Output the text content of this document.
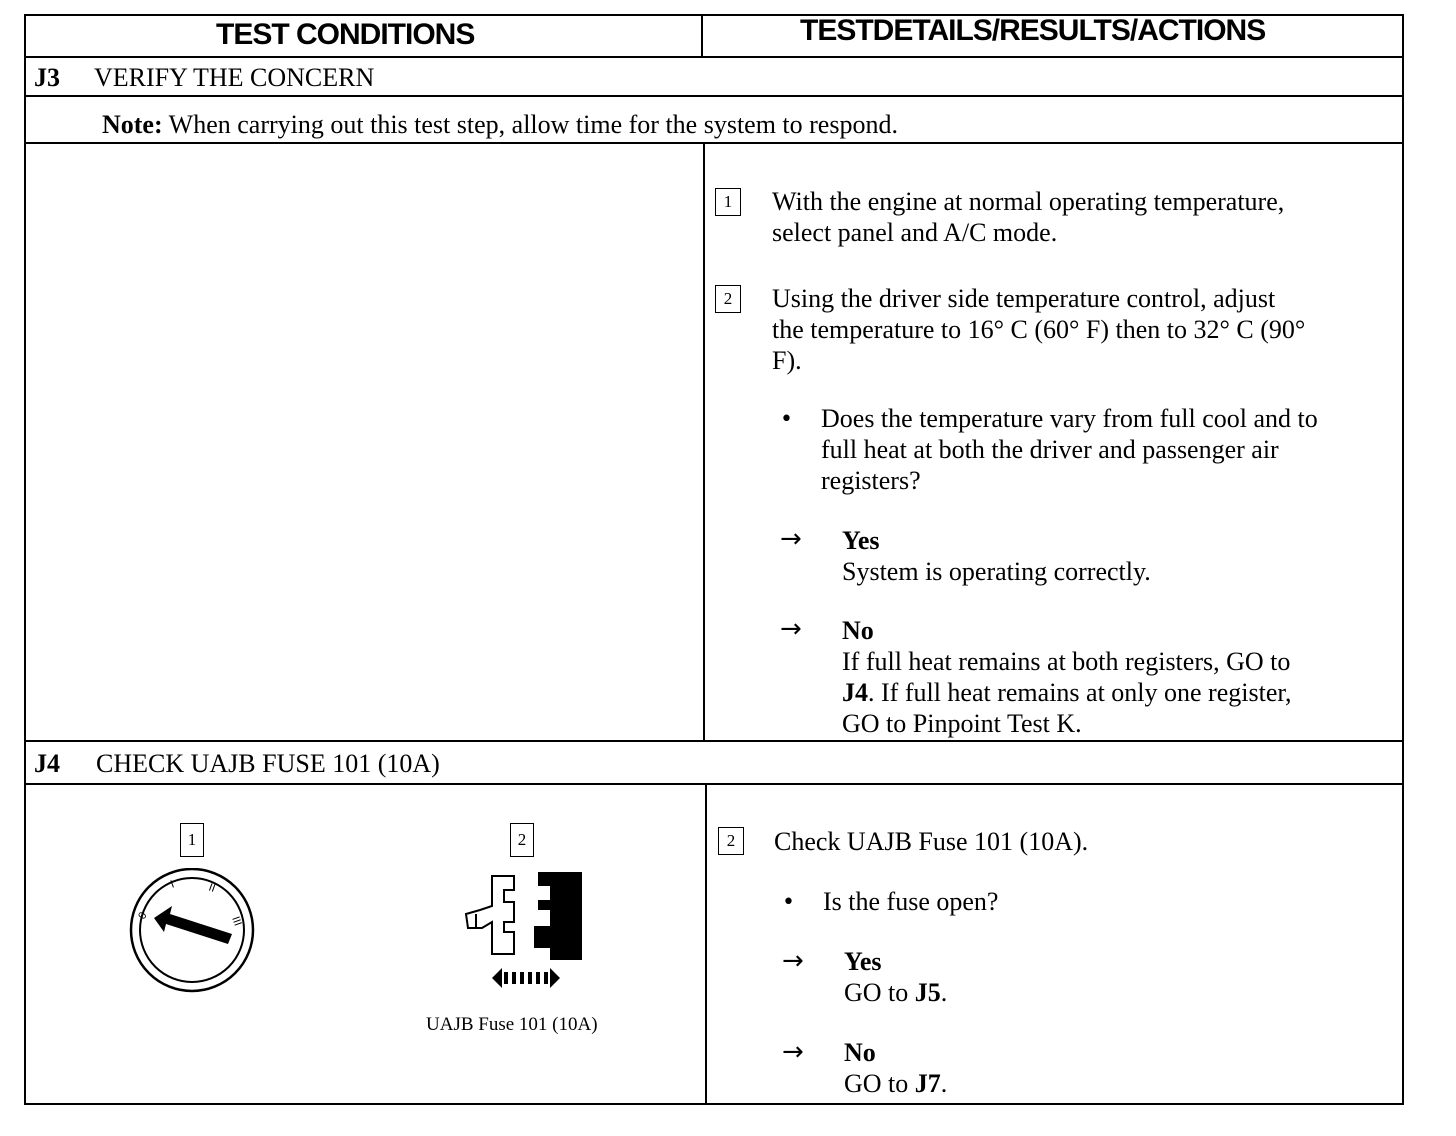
TEST CONDITIONS	TESTDETAILS/RESULTS/ACTIONS
J3 VERIFY THE CONCERN
Note: When carrying out this test step, allow time for the system to respond.
1	With the engine at normal operating temperature,
select panel and A/C mode.
2	Using the driver side temperature control, adjust
the temperature to 16° C (60° F) then to 32° C (90°
F).
• Does the temperature vary from full cool and to
full heat at both the driver and passenger air
registers?
→ Yes
System is operating correctly.
→ No
If full heat remains at both registers, GO to
J4. If full heat remains at only one register,
GO to Pinpoint Test K.
J4 CHECK UAJB FUSE 101 (10A)
1
0
I	II
III
2
UAJB Fuse 101 (10A)
2	Check UAJB Fuse 101 (10A).
• Is the fuse open?
→ Yes
GO to J5.
→ No
GO to J7.
